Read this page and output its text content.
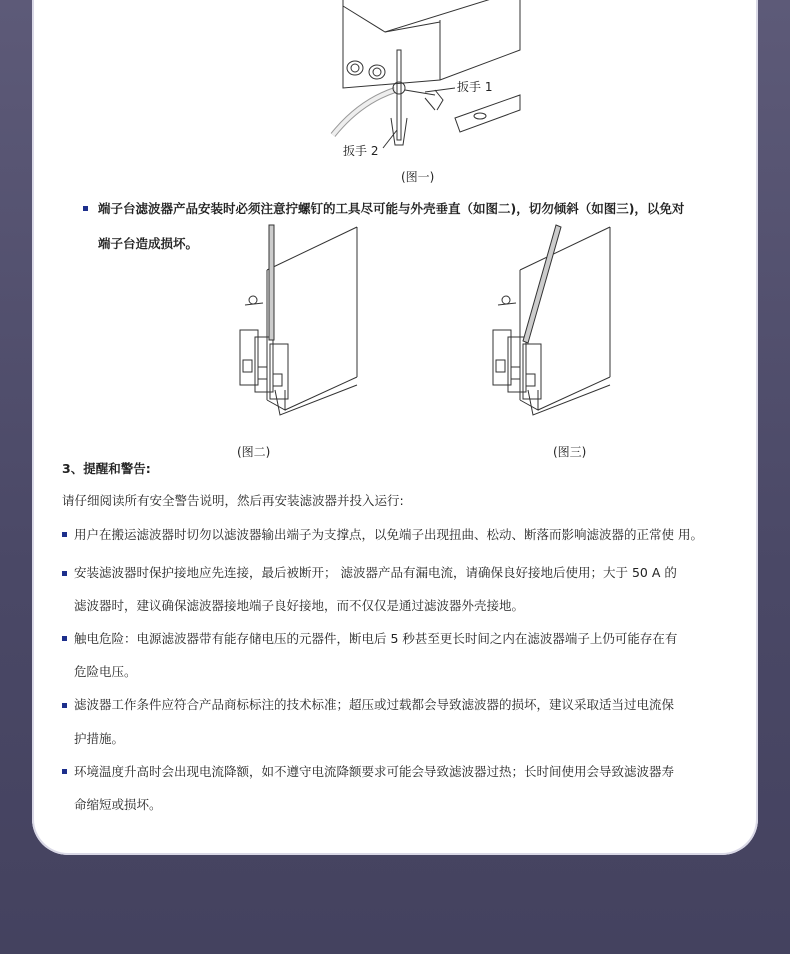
扳手 1
扳手 2
(图一)
端子台滤波器产品安装时必须注意拧螺钉的工具尽可能与外壳垂直（如图二)，切勿倾斜（如图三)，以免对
端子台造成损坏。
(图二)	(图三)
3、提醒和警告:
请仔细阅读所有安全警告说明，然后再安装滤波器并投入运行:
用户在搬运滤波器时切勿以滤波器输出端子为支撑点，以免端子出现扭曲、松动、断落而影响滤波器的正常使 用。
安装滤波器时保护接地应先连接，最后被断开； 滤波器产品有漏电流，请确保良好接地后使用；大于 50 A 的
滤波器时，建议确保滤波器接地端子良好接地，而不仅仅是通过滤波器外壳接地。
触电危险：电源滤波器带有能存储电压的元器件，断电后 5 秒甚至更长时间之内在滤波器端子上仍可能存在有
危险电压。
滤波器工作条件应符合产品商标标注的技术标准；超压或过载都会导致滤波器的损坏，建议采取适当过电流保
护措施。
环境温度升高时会出现电流降额，如不遵守电流降额要求可能会导致滤波器过热；长时间使用会导致滤波器寿
命缩短或损坏。
